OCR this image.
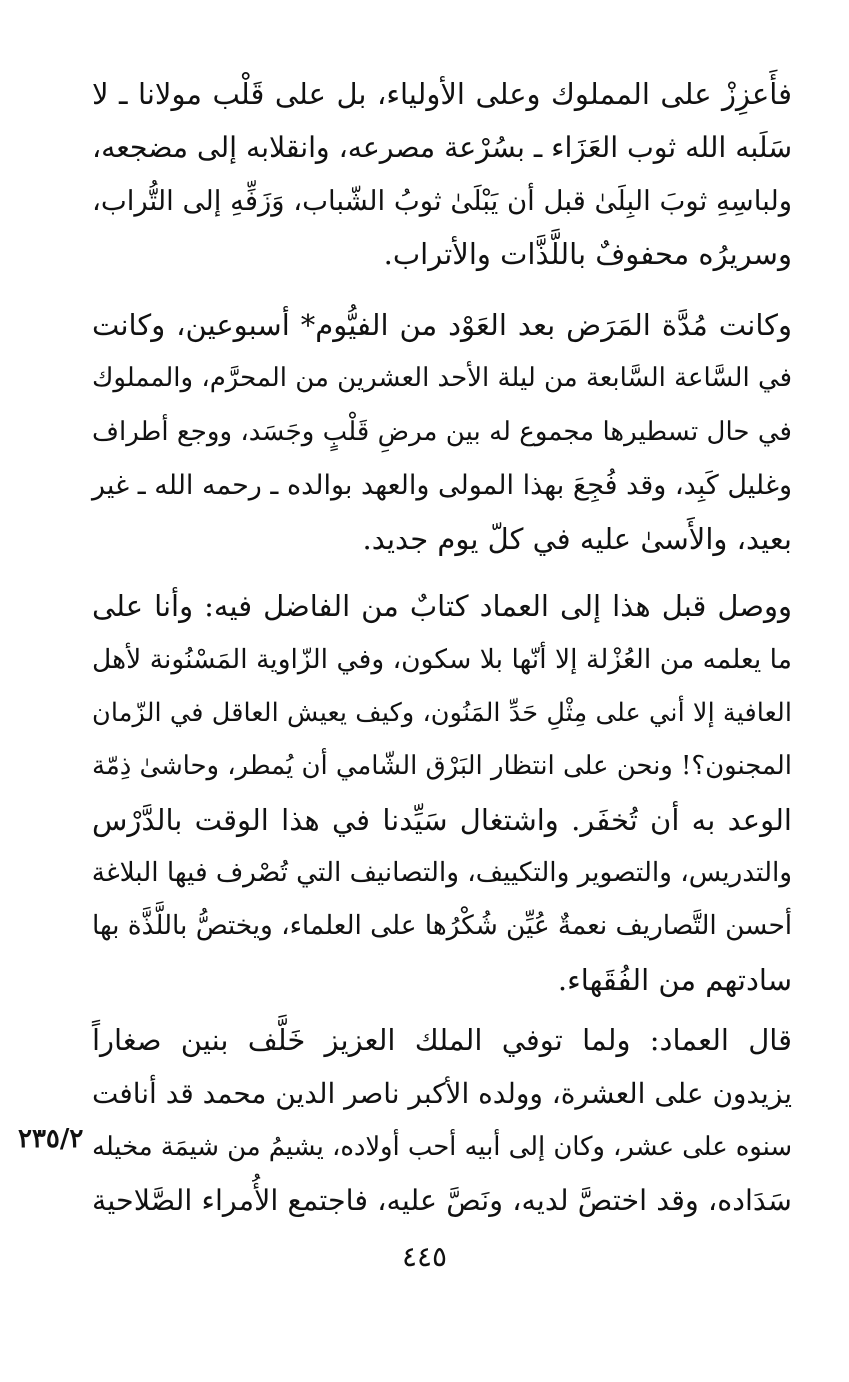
فأَعزِزْ على المملوك وعلى الأولياء، بل على قَلْب مولانا ـ لا
سَلَبه الله ثوب العَزَاء ـ بسُرْعة مصرعه، وانقلابه إلى مضجعه،
ولباسِهِ ثوبَ البِلَىٰ قبل أن يَبْلَىٰ ثوبُ الشّباب، وَزَفِّهِ إلى التُّراب،
وسريرُه محفوفٌ باللَّذَّات والأتراب.
وكانت مُدَّة المَرَض بعد العَوْد من الفيُّوم* أسبوعين، وكانت
في السَّاعة السَّابعة من ليلة الأحد العشرين من المحرَّم، والمملوك
في حال تسطيرها مجموع له بين مرضِ قَلْبٍ وجَسَد، ووجع أطراف
وغليل كَبِد، وقد فُجِعَ بهذا المولى والعهد بوالده ـ رحمه الله ـ غير
بعيد، والأَسىٰ عليه في كلّ يوم جديد.
ووصل قبل هذا إلى العماد كتابٌ من الفاضل فيه: وأنا على
ما يعلمه من العُزْلة إلا أنّها بلا سكون، وفي الزّاوية المَسْنُونة لأهل
العافية إلا أني على مِثْلِ حَدِّ المَنُون، وكيف يعيش العاقل في الزّمان
المجنون؟! ونحن على انتظار البَرْق الشّامي أن يُمطر، وحاشىٰ ذِمّة
الوعد به أن تُخفَر. واشتغال سَيِّدنا في هذا الوقت بالدَّرْس
والتدريس، والتصوير والتكييف، والتصانيف التي تُصْرف فيها البلاغة
أحسن التَّصاريف نعمةٌ عُيِّن شُكْرُها على العلماء، ويختصُّ باللَّذَّة بها
سادتهم من الفُقَهاء.
قال العماد: ولما توفي الملك العزيز خَلَّف بنين صغاراً
يزيدون على العشرة، وولده الأكبر ناصر الدين محمد قد أنافت
سنوه على عشر، وكان إلى أبيه أحب أولاده، يشيمُ من شيمَة مخيله
سَدَاده، وقد اختصَّ لديه، ونَصَّ عليه، فاجتمع الأُمراء الصَّلاحية
٢٣٥/٢
٤٤٥
